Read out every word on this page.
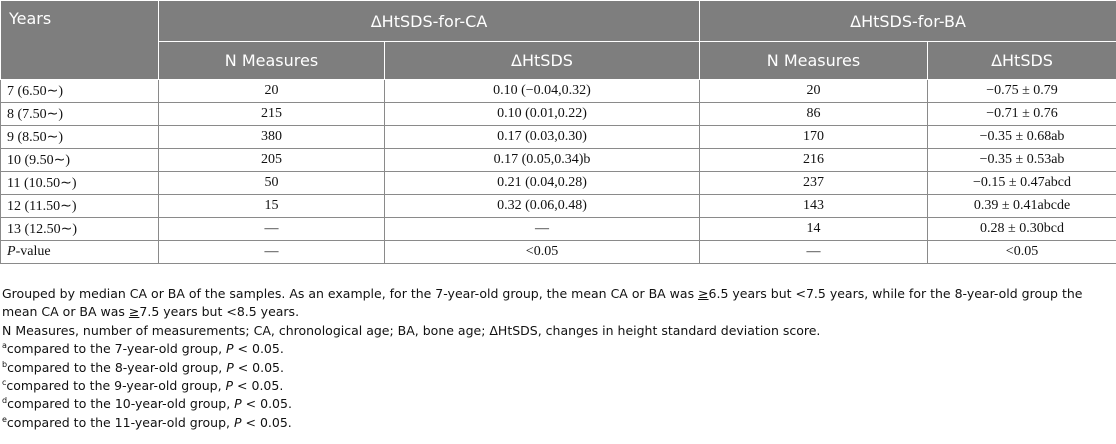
Years	ΔHtSDS-for-CA		ΔHtSDS-for-BA	
	N Measures	ΔHtSDS	N Measures	ΔHtSDS
7 (6.50∼)	20	0.10 (−0.04,0.32)	20	−0.75 ± 0.79
8 (7.50∼)	215	0.10 (0.01,0.22)	86	−0.71 ± 0.76
9 (8.50∼)	380	0.17 (0.03,0.30)	170	−0.35 ± 0.68ab
10 (9.50∼)	205	0.17 (0.05,0.34)b	216	−0.35 ± 0.53ab
11 (10.50∼)	50	0.21 (0.04,0.28)	237	−0.15 ± 0.47abcd
12 (11.50∼)	15	0.32 (0.06,0.48)	143	0.39 ± 0.41abcde
13 (12.50∼)	—	—	14	0.28 ± 0.30bcd
P-value	—	<0.05	—	<0.05

Grouped by median CA or BA of the samples. As an example, for the 7-year-old group, the mean CA or BA was ≥6.5 years but <7.5 years, while for the 8-year-old group the mean CA or BA was ≥7.5 years but <8.5 years.

N Measures, number of measurements; CA, chronological age; BA, bone age; ΔHtSDS, changes in height standard deviation score.

$^a$compared to the 7-year-old group, P < 0.05.

$^b$compared to the 8-year-old group, P < 0.05.

$^c$compared to the 9-year-old group, P < 0.05.

$^d$compared to the 10-year-old group, P < 0.05.

$^e$compared to the 11-year-old group, P < 0.05.
